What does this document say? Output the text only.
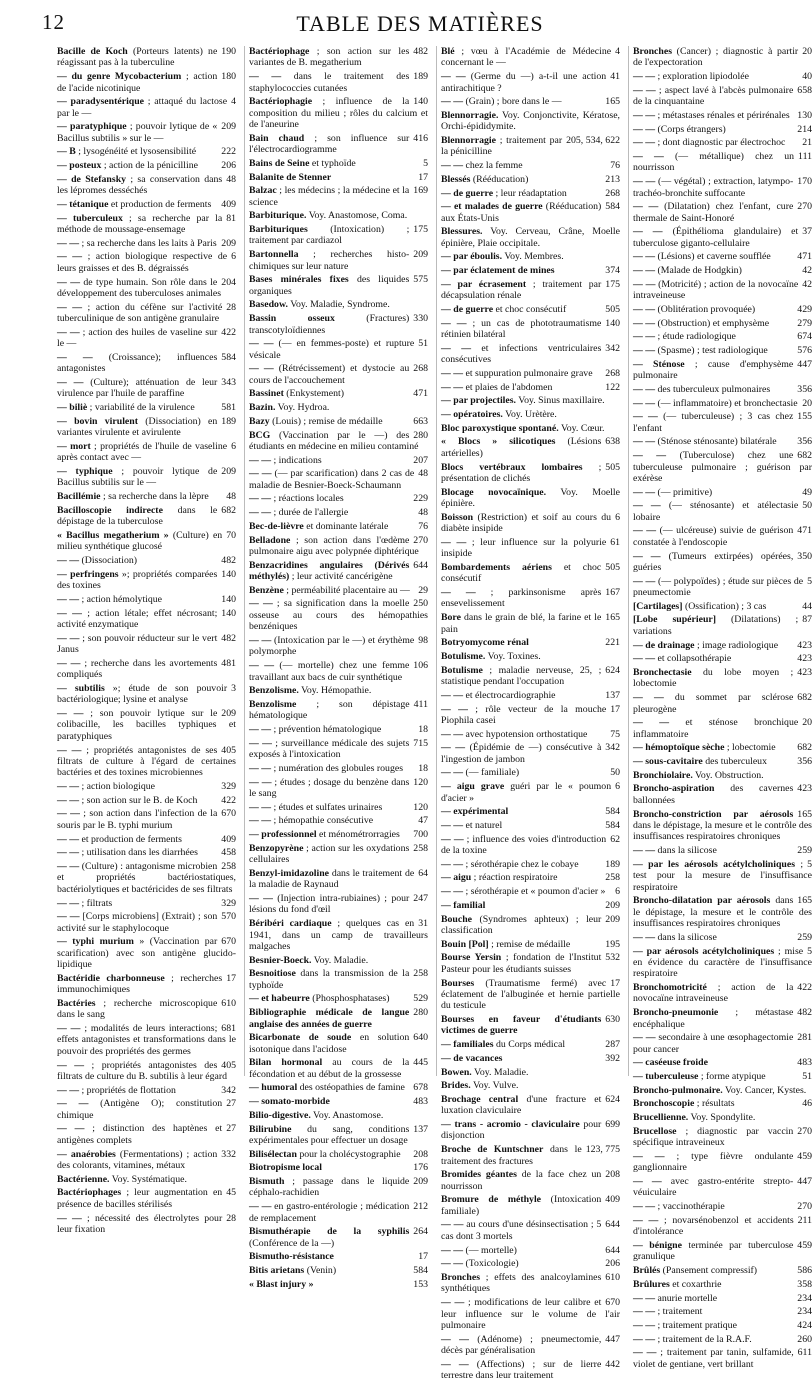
12	TABLE DES MATIÈRES

190
Bacille de Koch (Porteurs latents) ne réagissant pas à la tuberculine

180
— du genre Mycobacterium ; action de l'acide nicotinique

4
— paradysentérique ; attaqué du lactose par le —

209
— paratyphique ; pouvoir lytique de « Bacillus subtilis » sur le —

222
— B ; lysogénéité et lysosensibilité

206
— posteux ; action de la pénicilline

48
— de Stefansky ; sa conservation dans les lépromes desséchés

409
— tétanique et production de ferments

81
— tuberculeux ; sa recherche par la méthode de moussage-ensemage

209
— — ; sa recherche dans les laits à Paris

6
— — ; action biologique respective de leurs graisses et des B. dégraissés

204
— — de type humain. Son rôle dans le développement des tuberculoses animales

28
— — ; action du céfène sur l'activité tuberculinique de son antigène granulaire

422
— — ; action des huiles de vaseline sur le —

584
— — (Croissance); influences antagonistes

343
— — (Culture); atténuation de leur virulence par l'huile de paraffine

581
— biliè ; variabilité de la virulence

189
— bovin virulent (Dissociation) en variantes virulente et avirulente

6
— mort ; propriétés de l'huile de vaseline après contact avec —

209
— typhique ; pouvoir lytique de Bacillus subtilis sur le —

48
Bacillémie ; sa recherche dans la lèpre

682
Bacilloscopie indirecte dans le dépistage de la tuberculose

70
« Bacillus megatherium » (Culture) en milieu synthétique glucosé

482
— — (Dissociation)

140
— perfringens »; propriétés comparées des toxines

140
— — ; action hémolytique

140
— — ; action létale; effet nécrosant; activité enzymatique

482
— — ; son pouvoir réducteur sur le vert Janus

481
— — ; recherche dans les avortements compliqués

3
— subtilis »; étude de son pouvoir bactériologique; lysine et analyse

209
— — ; son pouvoir lytique sur le colibacille, les bacilles typhiques et paratyphiques

405
— — ; propriétés antagonistes de ses filtrats de culture à l'égard de certaines bactéries et des toxines microbiennes

329
— — ; action biologique

422
— — ; son action sur le B. de Koch

670
— — ; son action dans l'infection de la souris par le B. typhi murium

409
— — et production de ferments

458
— — ; utilisation dans les diarrhées

258
— — (Culture) : antagonisme microbien et propriétés bactériostatiques, bactériolytiques et bactéricides de ses filtrats

329
— — ; filtrats

570
— — [Corps microbiens] (Extrait) ; son activité sur le staphylocoque

670
— typhi murium » (Vaccination par scarification) avec son antigène glucido-lipidique

17
Bactéridie charbonneuse ; recherches immunochimiques

610
Bactéries ; recherche microscopique dans le sang

681
— — ; modalités de leurs interactions; effets antagonistes et transformations dans le pouvoir des propriétés des germes

405
— — ; propriétés antagonistes des filtrats de culture du B. subtilis à leur égard

342
— — ; propriétés de flottation

27
— — (Antigène O); constitution chimique

27
— — ; distinction des haptènes et antigènes complets

332
— anaérobies (Fermentations) ; action des colorants, vitamines, métaux

Bactérienne. Voy. Systématique.

45
Bactériophages ; leur augmentation en présence de bacilles stérilisés

28
— — ; nécessité des électrolytes pour leur fixation

482
Bactériophage ; son action sur les variantes de B. megatherium

189
— — dans le traitement des staphylococcies cutanées

140
Bactériophagie ; influence de la composition du milieu ; rôles du calcium et de l'aneurine

416
Bain chaud ; son influence sur l'électrocardiogramme

5
Bains de Seine et typhoïde

17
Balanite de Stenner

169
Balzac ; les médecins ; la médecine et la science

Barbiturique. Voy. Anastomose, Coma.

175
Barbituriques (Intoxication) ; traitement par cardiazol

209
Bartonnella ; recherches histo-chimiques sur leur nature

575
Bases minérales fixes des liquides organiques

Basedow. Voy. Maladie, Syndrome.

330
Bassin osseux (Fractures) transcotyloïdiennes

51
— — (— en femmes-poste) et rupture vésicale

268
— — (Rétrécissement) et dystocie au cours de l'accouchement

471
Bassinet (Enkystement)

Bazin. Voy. Hydroa.

663
Bazy (Louis) ; remise de médaille

280
BCG (Vaccination par le —) des étudiants en médecine en milieu contaminé

207
— — ; indications

48
— — (— par scarification) dans 2 cas de maladie de Besnier-Boeck-Schaumann

229
— — ; réactions locales

48
— — ; durée de l'allergie

76
Bec-de-lièvre et dominante latérale

270
Belladone ; son action dans l'œdème pulmonaire aigu avec polypnée diphtérique

644
Benzacridines angulaires (Dérivés méthylés) ; leur activité cancérigène

29
Benzène ; perméabilité placentaire au —

250
— — ; sa signification dans la moelle osseuse au cours des hémopathies benzéniques

98
— — (Intoxication par le —) et érythème polymorphe

106
— — (— mortelle) chez une femme travaillant aux bacs de cuir synthétique

Benzolisme. Voy. Hémopathie.

411
Benzolisme ; son dépistage hématologique

18
— — ; prévention hématologique

715
— — ; surveillance médicale des sujets exposés à l'intoxication

18
— — ; numération des globules rouges

120
— — ; études ; dosage du benzène dans le sang

120
— — ; études et sulfates urinaires

47
— — ; hémopathie consécutive

700
— professionnel et ménométrorragies

258
Benzopyrène ; action sur les oxydations cellulaires

64
Benzyl-imidazoline dans le traitement de la maladie de Raynaud

247
— — (Injection intra-rubiaines) ; pour lésions du fond d'œil

31
Béribéri cardiaque ; quelques cas en 1941, dans un camp de travailleurs malgaches

Besnier-Boeck. Voy. Maladie.

258
Besnoitiose dans la transmission de la typhoïde

529
— et habeurre (Phosphosphatases)

280
Bibliographie médicale de langue anglaise des années de guerre

640
Bicarbonate de soude en solution isotonique dans l'acidose

445
Bilan hormonal au cours de la fécondation et au début de la grossesse

678
— humoral des ostéopathies de famine

483
— somato-morbide

Bilio-digestive. Voy. Anastomose.

137
Bilirubine du sang, conditions expérimentales pour effectuer un dosage

208
Bilisélectan pour la cholécystographie

176
Biotropisme local

209
Bismuth ; passage dans le liquide céphalo-rachidien

212
— — en gastro-entérologie ; médication de remplacement

264
Bismuthérapie de la syphilis (Conférence de la —)

17
Bismutho-résistance

584
Bitis arietans (Venin)

153
« Blast injury »

4
Blé ; vœu à l'Académie de Médecine concernant le —

41
— — (Germe du —) a-t-il une action antirachitique ?

165
— — (Grain) ; bore dans le —

Blennorragie. Voy. Conjonctivite, Kératose, Orchi-épididymite.

205, 534, 622
Blennorragie ; traitement par la pénicilline

76
— — chez la femme

213
Blessés (Rééducation)

268
— de guerre ; leur réadaptation

584
— et malades de guerre (Rééducation) aux États-Unis

Blessures. Voy. Cerveau, Crâne, Moelle épinière, Plaie occipitale.

— par éboulis. Voy. Membres.

374
— par éclatement de mines

175
— par écrasement ; traitement par décapsulation rénale

505
— de guerre et choc consécutif

140
— — ; un cas de phototraumatisme rétinien bilatéral

342
— — et infections ventriculaires consécutives

268
— — et suppuration pulmonaire grave

122
— — et plaies de l'abdomen

— par projectiles. Voy. Sinus maxillaire.

— opératoires. Voy. Urètère.

Bloc paroxystique spontané. Voy. Cœur.

638
« Blocs » silicotiques (Lésions artérielles)

505
Blocs vertébraux lombaires ; présentation de clichés

Blocage novocaïnique. Voy. Moelle épinière.

6
Boisson (Restriction) et soif au cours du diabète insipide

61
— — ; leur influence sur la polyurie insipide

505
Bombardements aériens et choc consécutif

167
— — ; parkinsonisme après ensevelissement

165
Bore dans le grain de blé, la farine et le pain

221
Botryomycome rénal

Botulisme. Voy. Toxines.

624
Botulisme ; maladie nerveuse, 25, ; statistique pendant l'occupation

137
— — et électrocardiographie

17
— — ; rôle vecteur de la mouche Piophila casei

75
— — avec hypotension orthostatique

342
— — (Épidémie de —) consécutive à l'ingestion de jambon

50
— — (— familiale)

6
— aigu grave guéri par le « poumon d'acier »

584
— expérimental

584
— — et naturel

62
— — ; influence des voies d'introduction de la toxine

189
— — ; sérothérapie chez le cobaye

258
— aigu ; réaction respiratoire

6
— — ; sérothérapie et « poumon d'acier »

209
— familial

209
Bouche (Syndromes aphteux) ; leur classification

195
Bouin [Pol] ; remise de médaille

532
Bourse Yersin ; fondation de l'Institut Pasteur pour les étudiants suisses

17
Bourses (Traumatisme fermé) avec éclatement de l'albuginée et hernie partielle du testicule

630
Bourses en faveur d'étudiants victimes de guerre

287
— familiales du Corps médical

392
— de vacances

Bowen. Voy. Maladie.

Brides. Voy. Vulve.

624
Brochage central d'une fracture et luxation claviculaire

699
— trans - acromio - claviculaire pour disjonction

123, 775
Broche de Kuntschner dans le traitement des fractures

208
Bromides géantes de la face chez un nourrisson

409
Bromure de méthyle (Intoxication familiale)

644
— — au cours d'une désinsectisation ; 5 cas dont 3 mortels

644
— — (— mortelle)

206
— — (Toxicologie)

610
Bronches ; effets des analcoylamines synthétiques

670
— — ; modifications de leur calibre et leur influence sur le volume de l'air pulmonaire

447
— — (Adénome) ; pneumectomie, décès par généralisation

442
— — (Affections) ; sur de lierre terrestre dans leur traitement

20
Bronches (Cancer) ; diagnostic à partir de l'expectoration

40
— — ; exploration lipiodolée

658
— — ; aspect lavé à l'abcès pulmonaire de la cinquantaine

130
— — ; métastases rénales et périrénales

214
— — (Corps étrangers)

21
— — ; dont diagnostic par électrochoc

111
— — (— métallique) chez un nourrisson

170
— — (— végétal) ; extraction, latympo-trachéo-bronchite suffocante

270
— — (Dilatation) chez l'enfant, cure thermale de Saint-Honoré

37
— — (Épithéliomа glandulaire) et tuberculose gigantо-cellulaire

471
— — (Lésions) et caverne soufflée

42
— — (Malade de Hodgkin)

42
— — (Motricité) ; action de la novocaïne intraveineuse

429
— — (Oblitération provoquée)

279
— — (Obstruction) et emphysème

674
— — ; étude radiologique

576
— — (Spasme) ; test radiologique

447
— Sténose ; cause d'emphysème pulmonaire

356
— — des tuberculeux pulmonaires

20
— — (— inflammatoire) et bronchectasie

155
— — (— tuberculeuse) ; 3 cas chez l'enfant

356
— — (Sténose sténosante) bilatérale

682
— — (Tuberculose) chez une tuberculeuse pulmonaire ; guérison par exérèse

49
— — (— primitive)

50
— — (— sténosante) et atélectasie lobaire

471
— — (— ulcéreuse) suivie de guérison constatée à l'endoscopie

350
— — (Tumeurs extirpées) opérées, guéries

5
— — (— polypoïdes) ; étude sur pièces de pneumectomie

44
[Cartilages] (Ossification) ; 3 cas

87
[Lobe supérieur] (Dilatations) ; variations

423
— de drainage ; image radiologique

423
— — et collapsothérapie

423
Bronchectasie du lobe moyen ; lobectomie

682
— — du sommet par sclérose pleurogène

20
— — et sténose bronchique inflammatoire

682
— hémoptoïque sèche ; lobectomie

356
— sous-cavitaire des tuberculeux

Bronchiolaire. Voy. Obstruction.

423
Broncho-aspiration des cavernes ballonnées

165
Broncho-constriction par aérosols dans le dépistage, la mesure et le contrôle des insuffisances respiratoires chroniques

259
— — dans la silicose

5
— par les aérosols acétylcholiniques ; test pour la mesure de l'insuffisance respiratoire

165
Broncho-dilatation par aérosols dans le dépistage, la mesure et le contrôle des insuffisances respiratoires chroniques

259
— — dans la silicose

5
— par aérosols acétylcholiniques ; mise en évidence du caractère de l'insuffisance respiratoire

422
Bronchomotricité ; action de la novocaïne intraveineuse

482
Broncho-pneumonie ; métastase encéphalique

281
— — secondaire à une œsophagectomie pour cancer

483
— caséeuse froide

51
— tuberculeuse ; forme atypique

Broncho-pulmonaire. Voy. Cancer, Kystes.

46
Bronchoscopie ; résultats

Brucellienne. Voy. Spondylite.

270
Brucellose ; diagnostic par vaccin spécifique intraveineux

459
— — ; type fièvre ondulante ganglionnaire

447
— — avec gastro-entérite strepto-véuiculaire

270
— — ; vaccinothérapie

211
— — ; novarsénobenzol et accidents d'intolérance

459
— bénigne terminée par tuberculose granulique

586
Brûlés (Pansement compressif)

358
Brûlures et coxarthrie

234
— — anurie mortelle

234
— — ; traitement

424
— — ; traitement pratique

260
— — ; traitement de la R.A.F.

611
— — ; traitement par tanin, sulfamide, violet de gentiane, vert brillant
